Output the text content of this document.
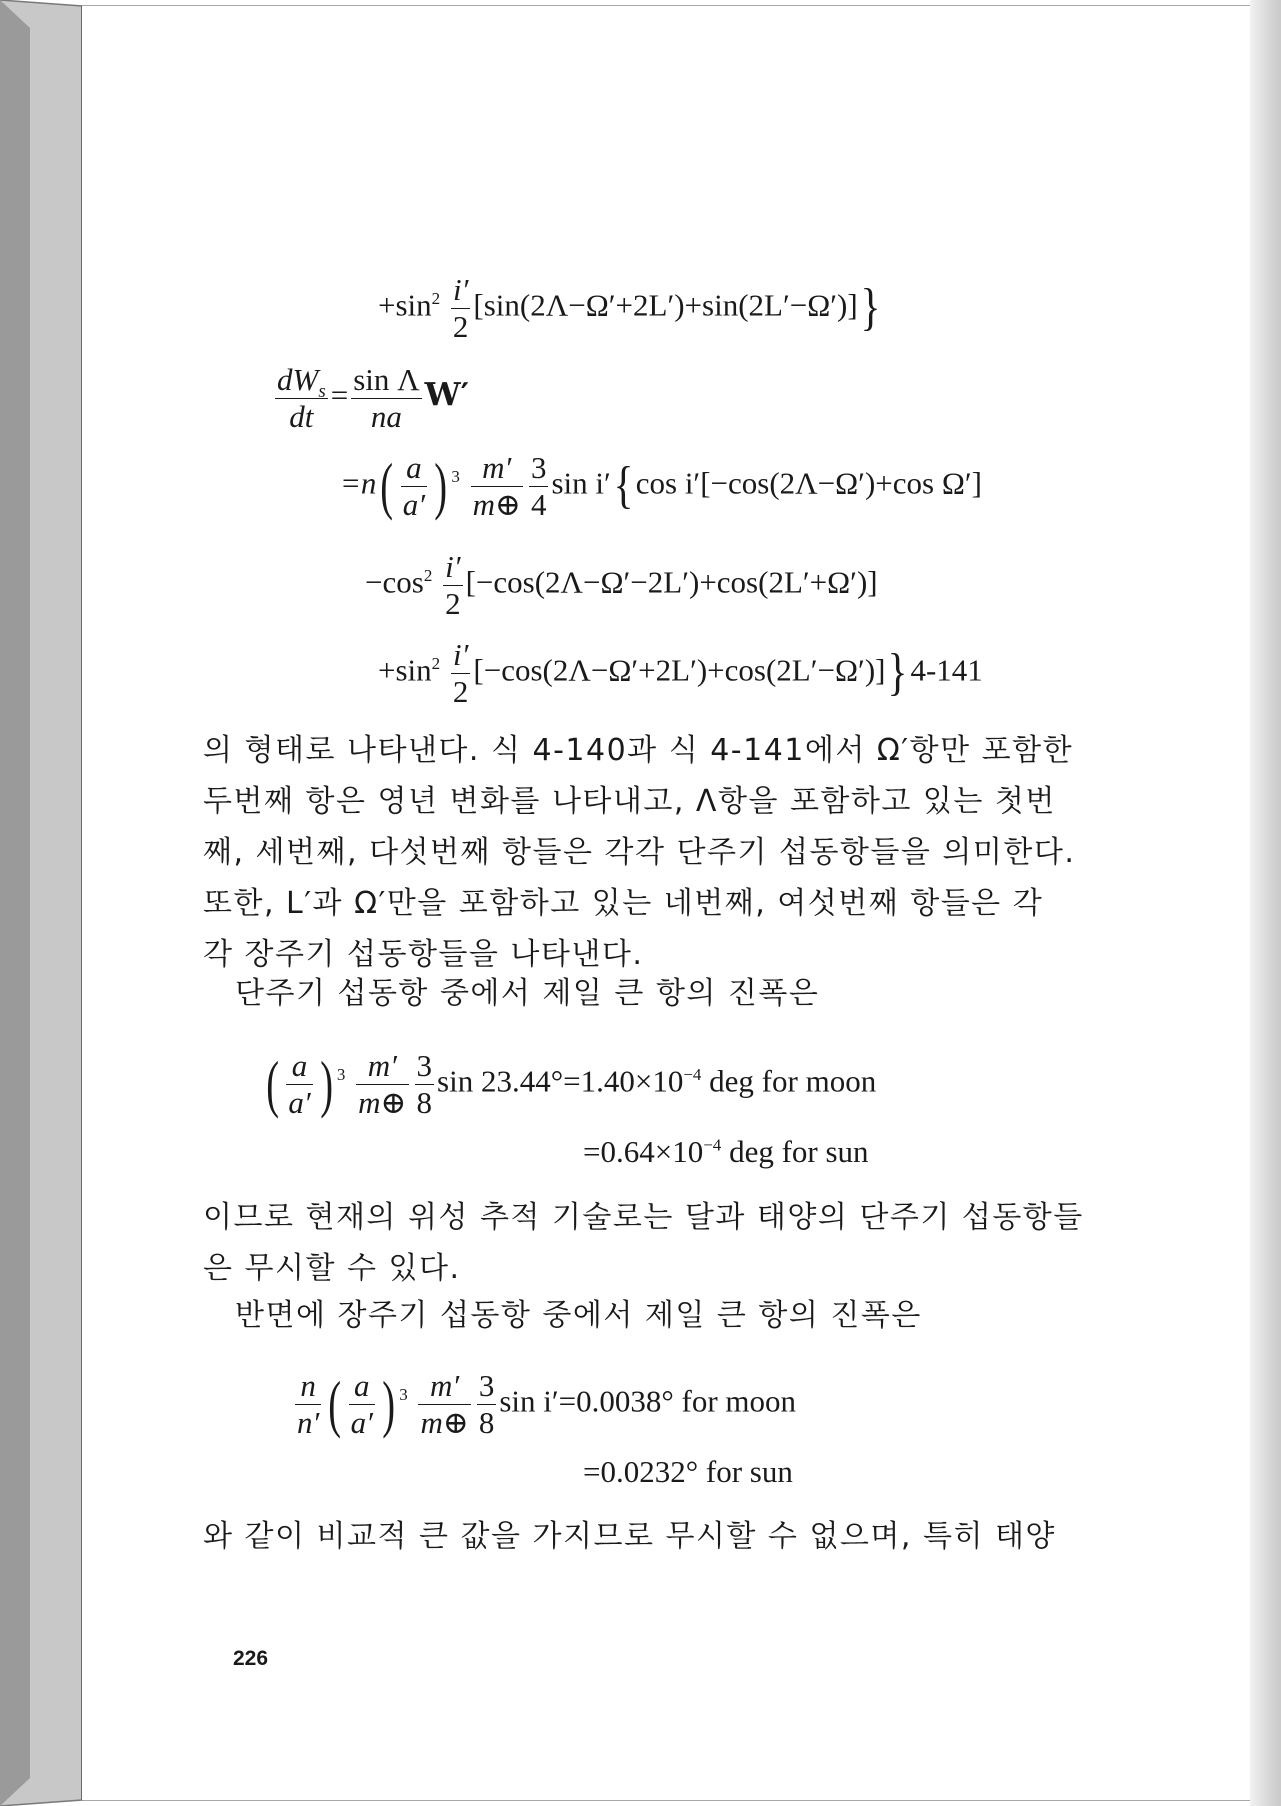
$+\sin^2 \frac{i'}{2} [\sin(2\Lambda-\Omega'+2L')+\sin(2L'-\Omega')]$}
$\frac{dW_s}{dt} = \frac{\text{sin Λ}}{na} W'$
$=n( \frac{a}{a'}$ ) $^3 \frac{m'}{m\oplus} \frac{3}{4}$ sin i′{cos i′[−cos(2Λ−Ω′)+cos Ω′]
$-\cos^2 \frac{i'}{2} [-\cos(2\Lambda-\Omega'-2L')+\cos(2L'+\Omega')]$
$+\sin^2 \frac{i'}{2} [-\cos(2\Lambda-\Omega'+2L')+\cos(2L'-\Omega')]\}4-141$
의 형태로 나타낸다. 식 4-140과 식 4-141에서 Ω′항만 포함한
두번째 항은 영년 변화를 나타내고, Λ항을 포함하고 있는 첫번
째, 세번째, 다섯번째 항들은 각각 단주기 섭동항들을 의미한다.
또한, L′과 Ω′만을 포함하고 있는 네번째, 여섯번째 항들은 각
각 장주기 섭동항들을 나타낸다.
단주기 섭동항 중에서 제일 큰 항의 진폭은
( $\frac{a}{a'}$ ) $^3 \frac{m'}{m\oplus} \frac{3}{8}$ $\sin 23.44^\circ=1.40\times 10^{-4}$ deg for moon
$=0.64\times 10^{-4}$ deg for sun
이므로 현재의 위성 추적 기술로는 달과 태양의 단주기 섭동항들
은 무시할 수 있다.
반면에 장주기 섭동항 중에서 제일 큰 항의 진폭은
$\frac{n}{n'}$ ( $\frac{a}{a'}$ ) $^3 \frac{m'}{m\oplus} \frac{3}{8}$ sin i′=0.0038° for moon
=0.0232° for sun
와 같이 비교적 큰 값을 가지므로 무시할 수 없으며, 특히 태양
226
